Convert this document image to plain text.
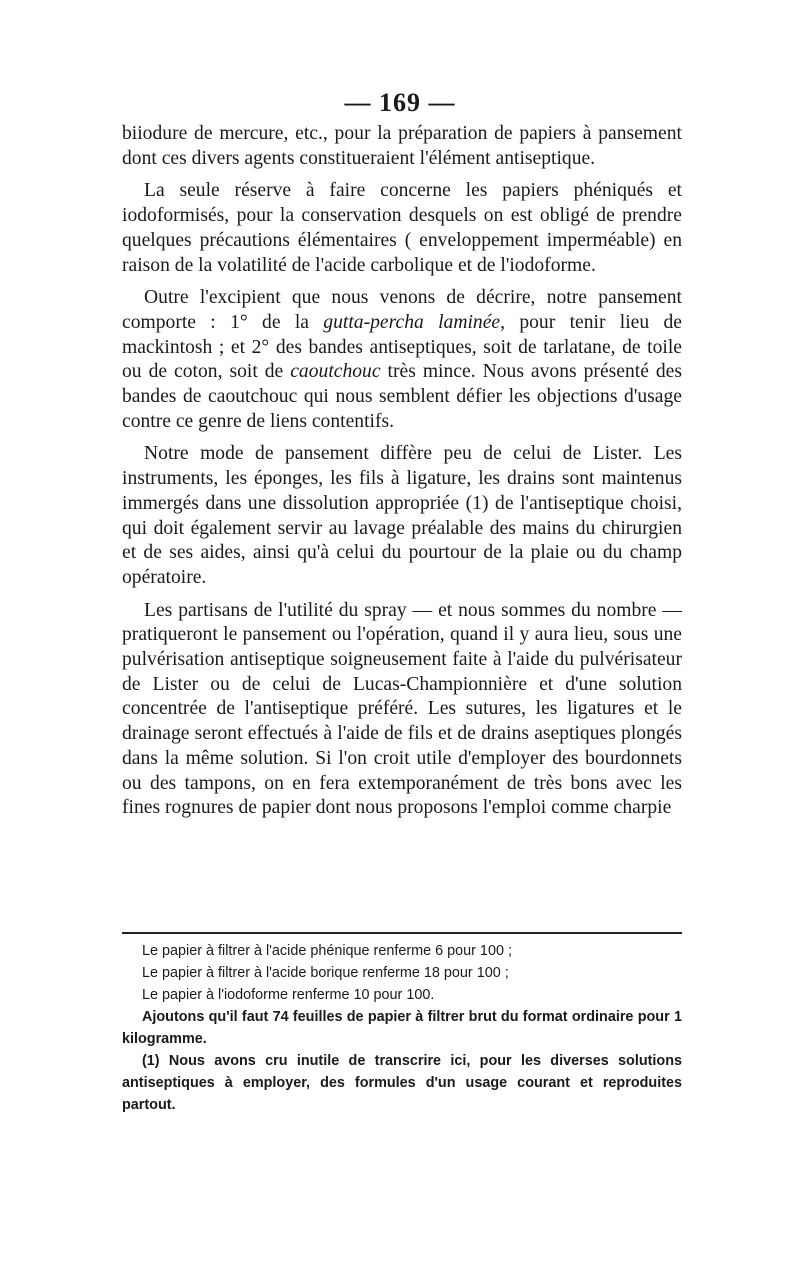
— 169 —

biiodure de mercure, etc., pour la préparation de papiers à pansement dont ces divers agents constitueraient l'élément antiseptique.

La seule réserve à faire concerne les papiers phéniqués et iodoformisés, pour la conservation desquels on est obligé de prendre quelques précautions élémentaires ( enveloppement imperméable) en raison de la volatilité de l'acide carbolique et de l'iodoforme.

Outre l'excipient que nous venons de décrire, notre pansement comporte : 1° de la gutta-percha laminée, pour tenir lieu de mackintosh ; et 2° des bandes antiseptiques, soit de tarlatane, de toile ou de coton, soit de caoutchouc très mince. Nous avons présenté des bandes de caoutchouc qui nous semblent défier les objections d'usage contre ce genre de liens contentifs.

Notre mode de pansement diffère peu de celui de Lister. Les instruments, les éponges, les fils à ligature, les drains sont maintenus immergés dans une dissolution appropriée (1) de l'antiseptique choisi, qui doit également servir au lavage préalable des mains du chirurgien et de ses aides, ainsi qu'à celui du pourtour de la plaie ou du champ opératoire.

Les partisans de l'utilité du spray — et nous sommes du nombre — pratiqueront le pansement ou l'opération, quand il y aura lieu, sous une pulvérisation antiseptique soigneusement faite à l'aide du pulvérisateur de Lister ou de celui de Lucas-Championnière et d'une solution concentrée de l'antiseptique préféré. Les sutures, les ligatures et le drainage seront effectués à l'aide de fils et de drains aseptiques plongés dans la même solution. Si l'on croit utile d'employer des bourdonnets ou des tampons, on en fera extemporanément de très bons avec les fines rognures de papier dont nous proposons l'emploi comme charpie

Le papier à filtrer à l'acide phénique renferme 6 pour 100 ;

Le papier à filtrer à l'acide borique renferme 18 pour 100 ;

Le papier à l'iodoforme renferme 10 pour 100.

Ajoutons qu'il faut 74 feuilles de papier à filtrer brut du format ordinaire pour 1 kilogramme.

(1) Nous avons cru inutile de transcrire ici, pour les diverses solutions antiseptiques à employer, des formules d'un usage courant et reproduites partout.
